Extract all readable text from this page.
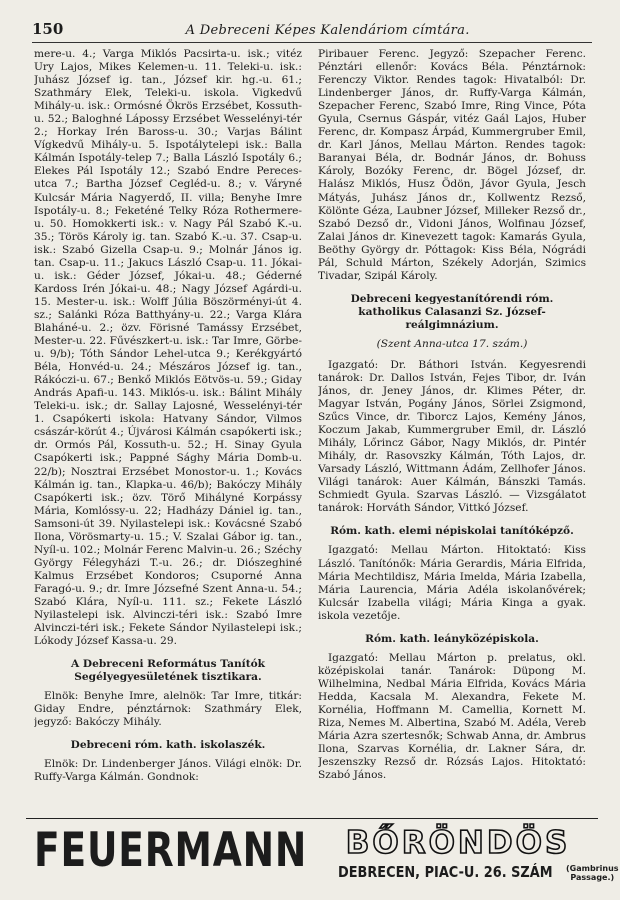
150	A Debreceni Képes Kalendáriom címtára.

mere-u. 4.; Varga Miklós Pacsirta-u. isk.; vitéz Ury Lajos, Mikes Kelemen-u. 11. Teleki-u. isk.: Juhász József ig. tan., József kir. hg.-u. 61.; Szathmáry Elek, Teleki-u. iskola. Vigkedvű Mihály-u. isk.: Ormósné Ökrös Erzsébet, Kossuth-u. 52.; Baloghné Lápossy Erzsébet Wesselényi-tér 2.; Horkay Irén Baross-u. 30.; Varjas Bálint Vígkedvű Mihály-u. 5. Ispotálytelepi isk.: Balla Kálmán Ispotály-telep 7.; Balla László Ispotály 6.; Elekes Pál Ispotály 12.; Szabó Endre Pereces-utca 7.; Bartha József Cegléd-u. 8.; v. Váryné Kulcsár Mária Nagyerdő, II. villa; Benyhe Imre Ispotály-u. 8.; Feketéné Telky Róza Rothermere-u. 50. Homokkerti isk.: v. Nagy Pál Szabó K.-u. 35.; Törös Károly ig. tan. Szabó K.-u. 37. Csap-u. isk.: Szabó Gizella Csap-u. 9.; Molnár János ig. tan. Csap-u. 11.; Jakucs László Csap-u. 11. Jókai-u. isk.: Géder József, Jókai-u. 48.; Géderné Kardoss Irén Jókai-u. 48.; Nagy József Agárdi-u. 15. Mester-u. isk.: Wolff Júlia Böszörményi-út 4. sz.; Salánki Róza Batthyány-u. 22.; Varga Klára Blaháné-u. 2.; özv. Förisné Tamássy Erzsébet, Mester-u. 22. Fűvészkert-u. isk.: Tar Imre, Görbe-u. 9/b); Tóth Sándor Lehel-utca 9.; Kerékgyártó Béla, Honvéd-u. 24.; Mészáros József ig. tan., Rákóczi-u. 67.; Benkő Miklós Eötvös-u. 59.; Giday András Apafi-u. 143. Miklós-u. isk.: Bálint Mihály Teleki-u. isk.; dr. Sallay Lajosné, Wesselényi-tér 1. Csapókerti iskola: Hatvany Sándor, Vilmos császár-körút 4.; Újvárosi Kálmán csapókerti isk.; dr. Ormós Pál, Kossuth-u. 52.; H. Sinay Gyula Csapókerti isk.; Pappné Sághy Mária Domb-u. 22/b); Nosztrai Erzsébet Monostor-u. 1.; Kovács Kálmán ig. tan., Klapka-u. 46/b); Bakóczy Mihály Csapókerti isk.; özv. Törő Mihályné Korpássy Mária, Komlóssy-u. 22; Hadházy Dániel ig. tan., Samsoni-út 39. Nyilastelepi isk.: Kovácsné Szabó Ilona, Vörösmarty-u. 15.; V. Szalai Gábor ig. tan., Nyíl-u. 102.; Molnár Ferenc Malvin-u. 26.; Széchy György Félegyházi T.-u. 26.; dr. Diószeghiné Kalmus Erzsébet Kondoros; Csuporné Anna Faragó-u. 9.; dr. Imre Józsefné Szent Anna-u. 54.; Szabó Klára, Nyíl-u. 111. sz.; Fekete László Nyilastelepi isk. Alvinczi-téri isk.: Szabó Imre Alvinczi-téri isk.; Fekete Sándor Nyilastelepi isk.; Lókody József Kassa-u. 29.

A Debreceni Református Tanítók Segélyegyesületének tisztikara.

Elnök: Benyhe Imre, alelnök: Tar Imre, titkár: Giday Endre, pénztárnok: Szathmáry Elek, jegyző: Bakóczy Mihály.

Debreceni róm. kath. iskolaszék.

Elnök: Dr. Lindenberger János. Világi elnök: Dr. Ruffy-Varga Kálmán. Gondnok:

Piribauer Ferenc. Jegyző: Szepacher Ferenc. Pénztári ellenőr: Kovács Béla. Pénztárnok: Ferenczy Viktor. Rendes tagok: Hivatalból: Dr. Lindenberger János, dr. Ruffy-Varga Kálmán, Szepacher Ferenc, Szabó Imre, Ring Vince, Póta Gyula, Csernus Gáspár, vitéz Gaál Lajos, Huber Ferenc, dr. Kompasz Árpád, Kummergruber Emil, dr. Karl János, Mellau Márton. Rendes tagok: Baranyai Béla, dr. Bodnár János, dr. Bohuss Károly, Bozóky Ferenc, dr. Bögel József, dr. Halász Miklós, Husz Ödön, Jávor Gyula, Jesch Mátyás, Juhász János dr., Kollwentz Rezső, Kölönte Géza, Laubner József, Milleker Rezső dr., Szabó Dezső dr., Vidoni János, Wolfinau József, Zalai János dr. Kinevezett tagok: Kamarás Gyula, Beöthy György dr. Póttagok: Kiss Béla, Nógrádi Pál, Schuld Márton, Székely Adorján, Szimics Tivadar, Szipál Károly.

Debreceni kegyestanítórendi róm. katholikus Calasanzi Sz. József-reálgimnázium.
(Szent Anna-utca 17. szám.)

Igazgató: Dr. Báthori István. Kegyesrendi tanárok: Dr. Dallos István, Fejes Tibor, dr. Iván János, dr. Jeney János, dr. Klimes Péter, dr. Magyar István, Pogány János, Sörlei Zsigmond, Szűcs Vince, dr. Tiborcz Lajos, Kemény János, Koczum Jakab, Kummergruber Emil, dr. László Mihály, Lőrincz Gábor, Nagy Miklós, dr. Pintér Mihály, dr. Rasovszky Kálmán, Tóth Lajos, dr. Varsady László, Wittmann Ádám, Zellhofer János. Világi tanárok: Auer Kálmán, Bánszki Tamás. Schmiedt Gyula. Szarvas László. — Vizsgálatot tanárok: Horváth Sándor, Vittkó József.

Róm. kath. elemi népiskolai tanítóképző.

Igazgató: Mellau Márton. Hitoktató: Kiss László. Tanítónők: Mária Gerardis, Mária Elfrida, Mária Mechtildisz, Mária Imelda, Mária Izabella, Mária Laurencia, Mária Adéla iskolanővérek; Kulcsár Izabella világi; Mária Kinga a gyak. iskola vezetője.

Róm. kath. leányközépiskola.

Igazgató: Mellau Márton p. prelatus, okl. középiskolai tanár. Tanárok: Düpong M. Wilhelmina, Nedbal Mária Elfrida, Kovács Mária Hedda, Kacsala M. Alexandra, Fekete M. Kornélia, Hoffmann M. Camellia, Kornett M. Riza, Nemes M. Albertina, Szabó M. Adéla, Vereb Mária Azra szertesnők; Schwab Anna, dr. Ambrus Ilona, Szarvas Kornélia, dr. Lakner Sára, dr. Jeszenszky Rezső dr. Rózsás Lajos. Hitoktató: Szabó János.

FEUERMANN BŐRÖNDÖS
DEBRECEN, PIAC-U. 26. SZÁM (Gambrinus
Passage.)
